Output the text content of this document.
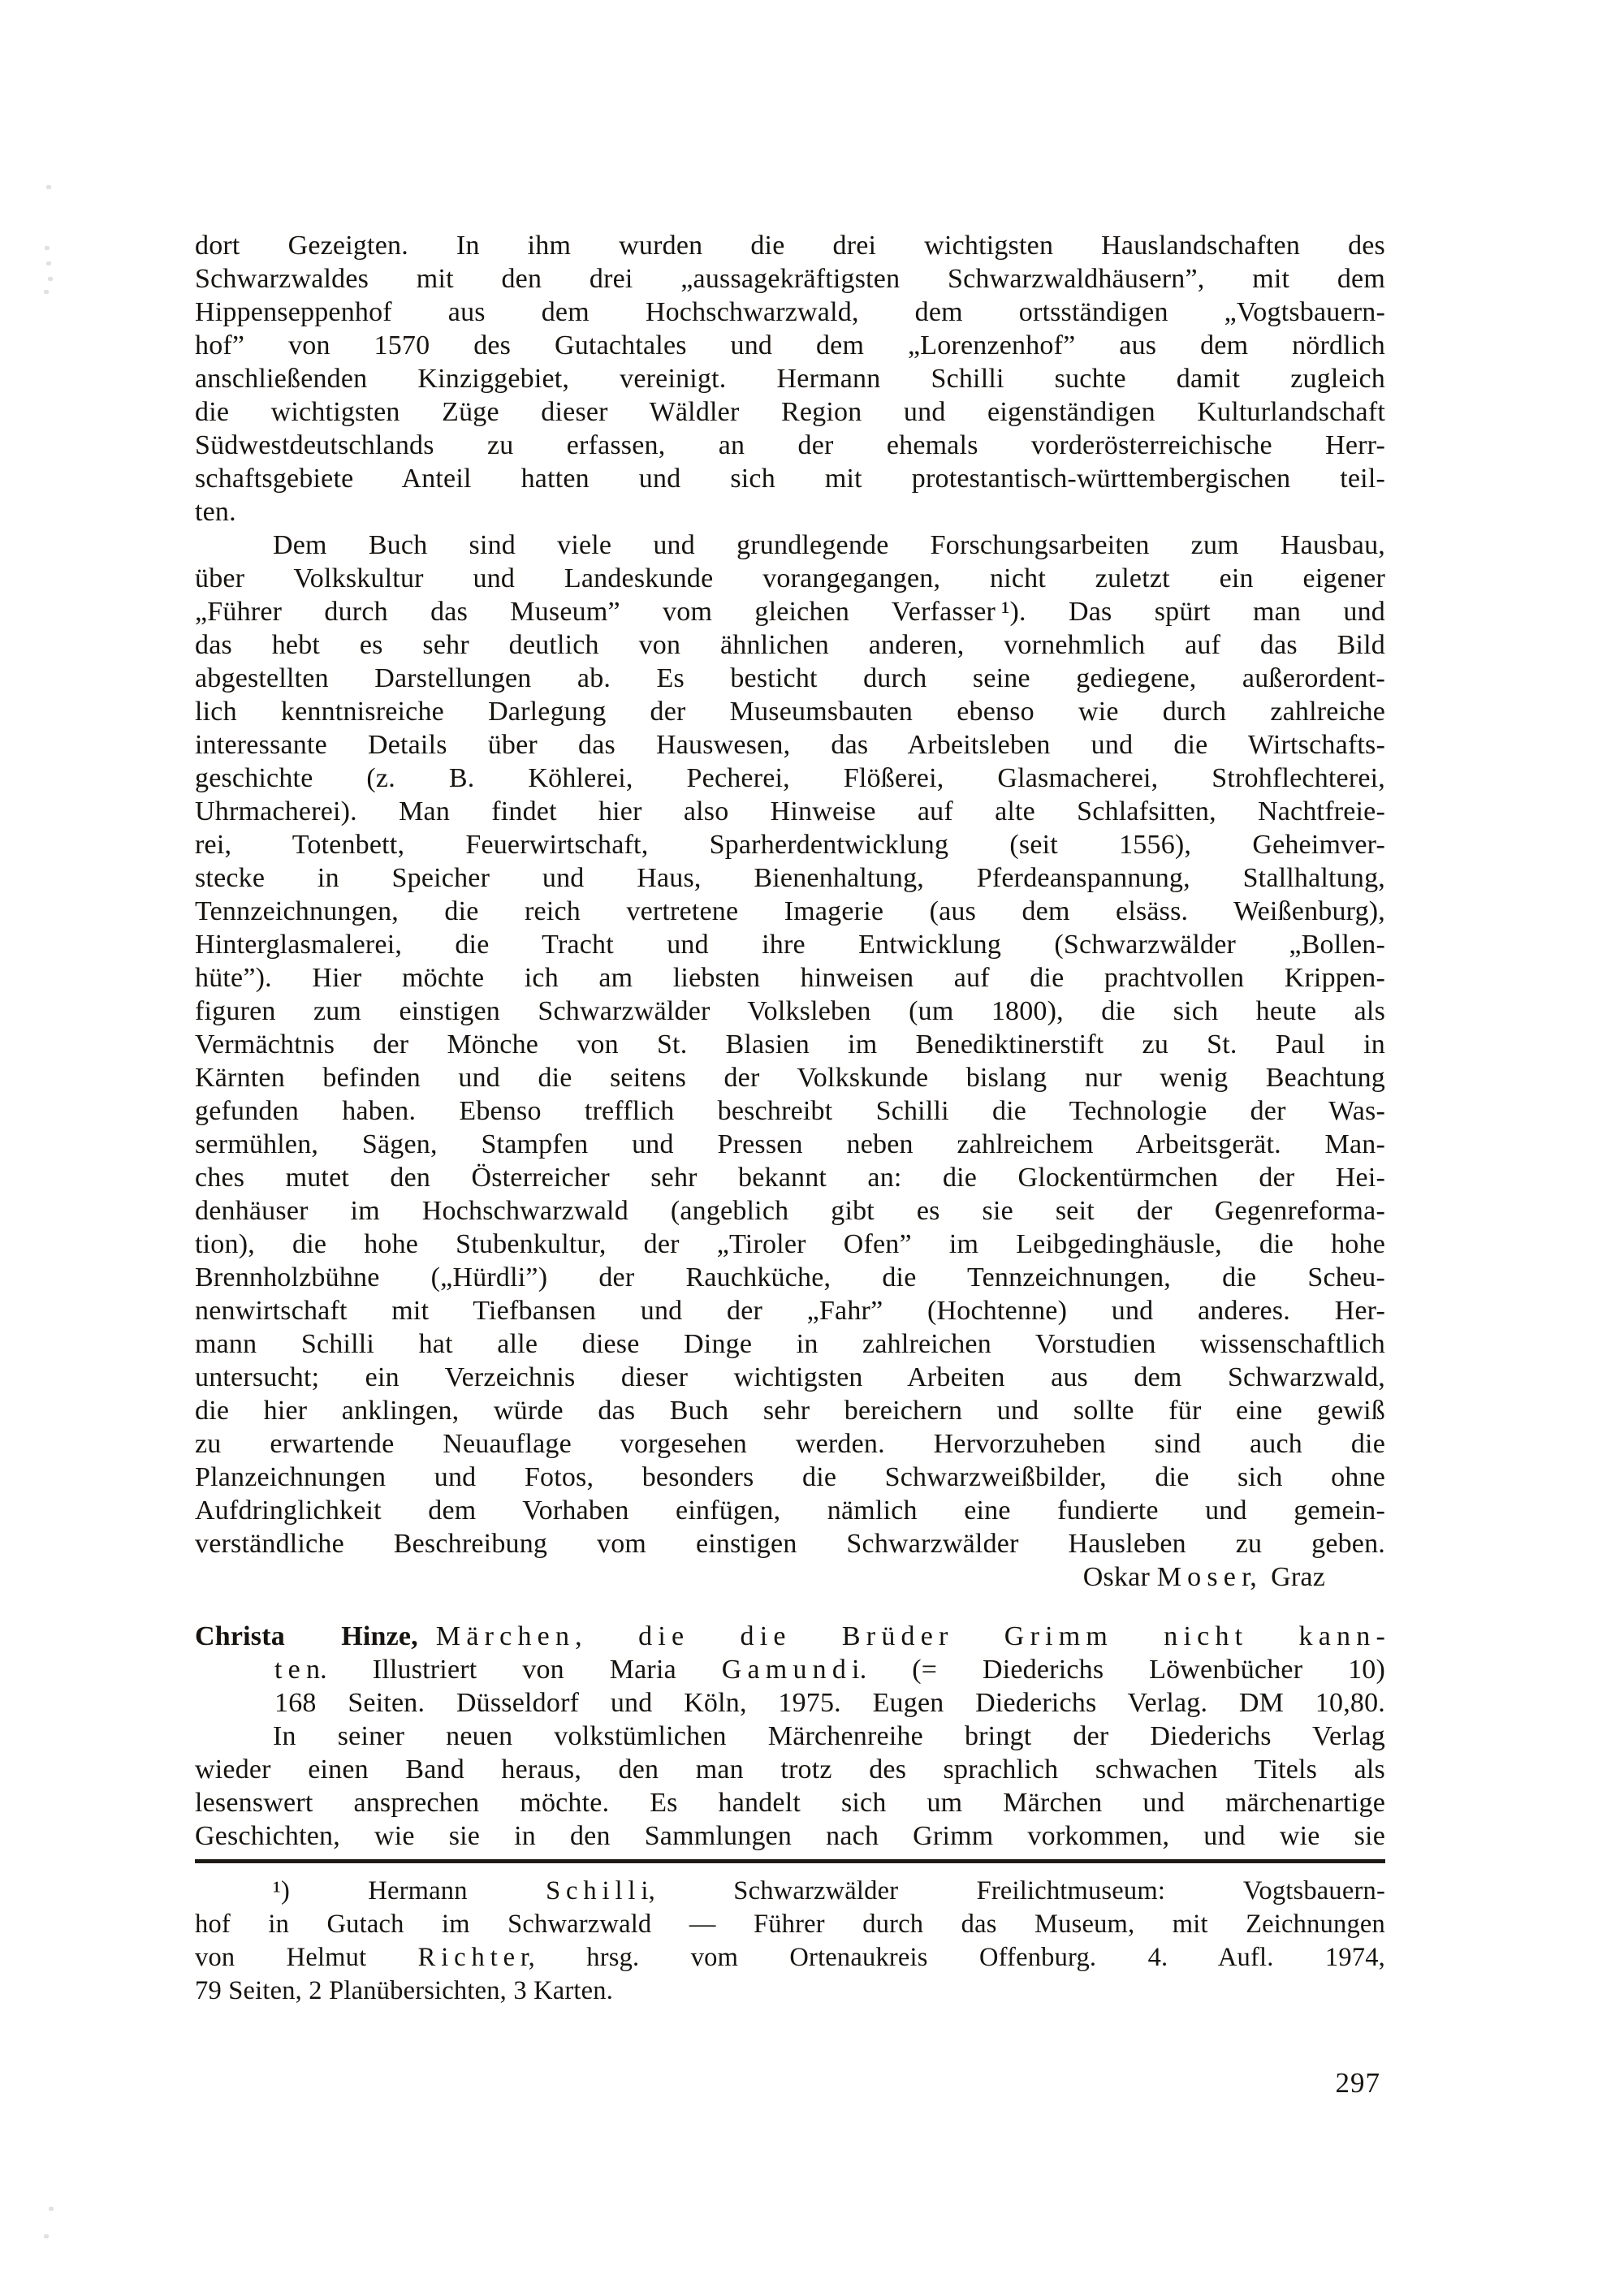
dort Gezeigten. In ihm wurden die drei wichtigsten Hauslandschaften des
Schwarzwaldes mit den drei „aussagekräftigsten Schwarzwaldhäusern”, mit dem
Hippenseppenhof aus dem Hochschwarzwald, dem ortsständigen „Vogtsbauern-
hof” von 1570 des Gutachtales und dem „Lorenzenhof” aus dem nördlich
anschließenden Kinziggebiet, vereinigt. Hermann Schilli suchte damit zugleich
die wichtigsten Züge dieser Wäldler Region und eigenständigen Kulturlandschaft
Südwestdeutschlands zu erfassen, an der ehemals vorderösterreichische Herr-
schaftsgebiete Anteil hatten und sich mit protestantisch-württembergischen teil-
ten.
Dem Buch sind viele und grundlegende Forschungsarbeiten zum Hausbau,
über Volkskultur und Landeskunde vorangegangen, nicht zuletzt ein eigener
„Führer durch das Museum” vom gleichen Verfasser ¹). Das spürt man und
das hebt es sehr deutlich von ähnlichen anderen, vornehmlich auf das Bild
abgestellten Darstellungen ab. Es besticht durch seine gediegene, außerordent-
lich kenntnisreiche Darlegung der Museumsbauten ebenso wie durch zahlreiche
interessante Details über das Hauswesen, das Arbeitsleben und die Wirtschafts-
geschichte (z. B. Köhlerei, Pecherei, Flößerei, Glasmacherei, Strohflechterei,
Uhrmacherei). Man findet hier also Hinweise auf alte Schlafsitten, Nachtfreie-
rei, Totenbett, Feuerwirtschaft, Sparherdentwicklung (seit 1556), Geheimver-
stecke in Speicher und Haus, Bienenhaltung, Pferdeanspannung, Stallhaltung,
Tennzeichnungen, die reich vertretene Imagerie (aus dem elsäss. Weißenburg),
Hinterglasmalerei, die Tracht und ihre Entwicklung (Schwarzwälder „Bollen-
hüte”). Hier möchte ich am liebsten hinweisen auf die prachtvollen Krippen-
figuren zum einstigen Schwarzwälder Volksleben (um 1800), die sich heute als
Vermächtnis der Mönche von St. Blasien im Benediktinerstift zu St. Paul in
Kärnten befinden und die seitens der Volkskunde bislang nur wenig Beachtung
gefunden haben. Ebenso trefflich beschreibt Schilli die Technologie der Was-
sermühlen, Sägen, Stampfen und Pressen neben zahlreichem Arbeitsgerät. Man-
ches mutet den Österreicher sehr bekannt an: die Glockentürmchen der Hei-
denhäuser im Hochschwarzwald (angeblich gibt es sie seit der Gegenreforma-
tion), die hohe Stubenkultur, der „Tiroler Ofen” im Leibgedinghäusle, die hohe
Brennholzbühne („Hürdli”) der Rauchküche, die Tennzeichnungen, die Scheu-
nenwirtschaft mit Tiefbansen und der „Fahr” (Hochtenne) und anderes. Her-
mann Schilli hat alle diese Dinge in zahlreichen Vorstudien wissenschaftlich
untersucht; ein Verzeichnis dieser wichtigsten Arbeiten aus dem Schwarzwald,
die hier anklingen, würde das Buch sehr bereichern und sollte für eine gewiß
zu erwartende Neuauflage vorgesehen werden. Hervorzuheben sind auch die
Planzeichnungen und Fotos, besonders die Schwarzweißbilder, die sich ohne
Aufdringlichkeit dem Vorhaben einfügen, nämlich eine fundierte und gemein-
verständliche Beschreibung vom einstigen Schwarzwälder Hausleben zu geben.
Oskar M o s e r, Graz
Christa Hinze, M ä r c h e n , d i e d i e B r ü d e r G r i m m n i c h t k a n n -
t e n. Illustriert von Maria G a m u n d i. (= Diederichs Löwenbücher 10)
168 Seiten. Düsseldorf und Köln, 1975. Eugen Diederichs Verlag. DM 10,80.
In seiner neuen volkstümlichen Märchenreihe bringt der Diederichs Verlag
wieder einen Band heraus, den man trotz des sprachlich schwachen Titels als
lesenswert ansprechen möchte. Es handelt sich um Märchen und märchenartige
Geschichten, wie sie in den Sammlungen nach Grimm vorkommen, und wie sie
¹) Hermann S c h i l l i, Schwarzwälder Freilichtmuseum: Vogtsbauern-
hof in Gutach im Schwarzwald — Führer durch das Museum, mit Zeichnungen
von Helmut R i c h t e r, hrsg. vom Ortenaukreis Offenburg. 4. Aufl. 1974,
79 Seiten, 2 Planübersichten, 3 Karten.
297
